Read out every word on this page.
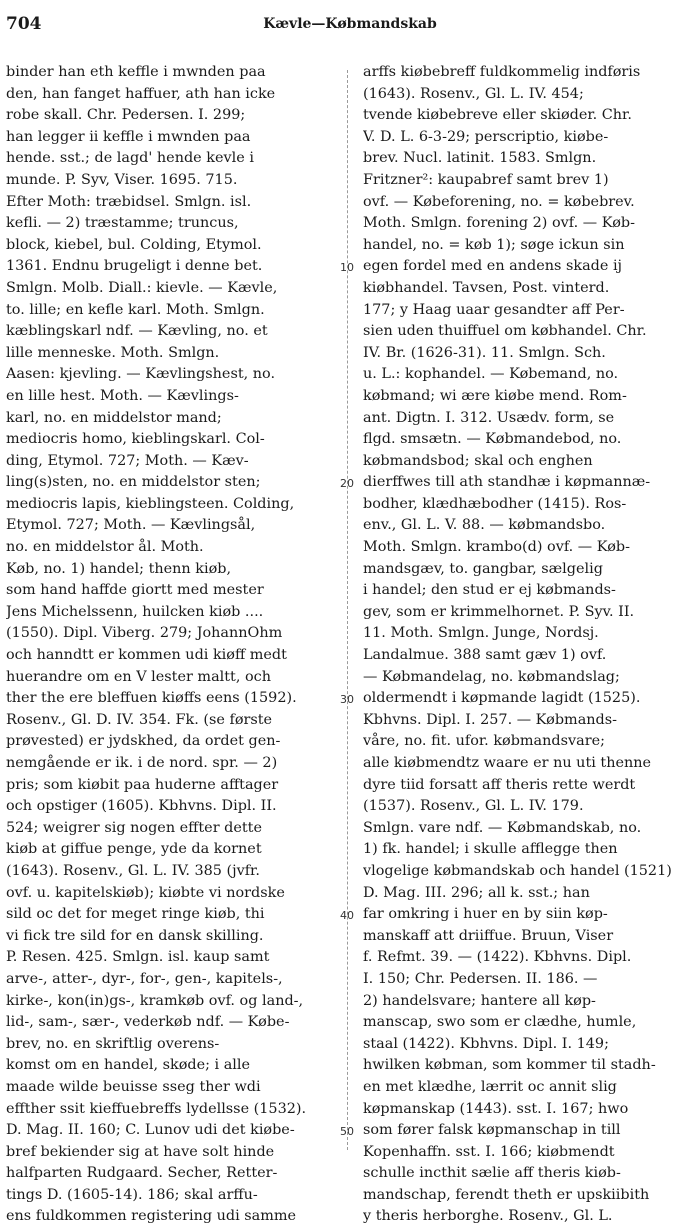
704	Kævle—Købmandskab
binder han eth keffle i mwnden paa
den, han fanget haffuer, ath han icke
robe skall. Chr. Pedersen. I. 299;
han legger ii keffle i mwnden paa
hende. sst.; de lagd' hende kevle i
munde. P. Syv, Viser. 1695. 715.
Efter Moth: træbidsel. Smlgn. isl.
kefli. — 2) træstamme; truncus,
block, kiebel, bul. Colding, Etymol.
1361. Endnu brugeligt i denne bet.
Smlgn. Molb. Diall.: kievle. — Kævle,
to. lille; en kefle karl. Moth. Smlgn.
kæblingskarl ndf. — Kævling, no. et
lille menneske. Moth. Smlgn.
Aasen: kjevling. — Kævlingshest, no.
en lille hest. Moth. — Kævlings-
karl, no. en middelstor mand;
mediocris homo, kieblingskarl. Col-
ding, Etymol. 727; Moth. — Kæv-
ling(s)sten, no. en middelstor sten;
mediocris lapis, kieblingsteen. Colding,
Etymol. 727; Moth. — Kævlingsål,
no. en middelstor ål. Moth.
Køb, no. 1) handel; thenn kiøb,
som hand haffde giortt med mester
Jens Michelssenn, huilcken kiøb ....
(1550). Dipl. Viberg. 279; JohannOhm
och hanndtt er kommen udi kiøff medt
huerandre om en V lester maltt, och
ther the ere bleffuen kiøffs eens (1592).
Rosenv., Gl. D. IV. 354. Fk. (se første
prøvested) er jydskhed, da ordet gen-
nemgående er ik. i de nord. spr. — 2)
pris; som kiøbit paa huderne afftager
och opstiger (1605). Kbhvns. Dipl. II.
524; weigrer sig nogen effter dette
kiøb at giffue penge, yde da kornet
(1643). Rosenv., Gl. L. IV. 385 (jvfr.
ovf. u. kapitelskiøb); kiøbte vi nordske
sild oc det for meget ringe kiøb, thi
vi fick tre sild for en dansk skilling.
P. Resen. 425. Smlgn. isl. kaup samt
arve-, atter-, dyr-, for-, gen-, kapitels-,
kirke-, kon(in)gs-, kramkøb ovf. og land-,
lid-, sam-, sær-, vederkøb ndf. — Købe-
brev, no. en skriftlig overens-
komst om en handel, skøde; i alle
maade wilde beuisse sseg ther wdi
effther ssit kieffuebreffs lydellsse (1532).
D. Mag. II. 160; C. Lunov udi det kiøbe-
bref bekiender sig at have solt hinde
halfparten Rudgaard. Secher, Retter-
tings D. (1605-14). 186; skal arffu-
ens fuldkommen registering udi samme
10
20
30
40
50
arffs kiøbebreff fuldkommelig indføris
(1643). Rosenv., Gl. L. IV. 454;
tvende kiøbebreve eller skiøder. Chr.
V. D. L. 6-3-29; perscriptio, kiøbe-
brev. Nucl. latinit. 1583. Smlgn.
Fritzner²: kaupabref samt brev 1)
ovf. — Købeforening, no. = købebrev.
Moth. Smlgn. forening 2) ovf. — Køb-
handel, no. = køb 1); søge ickun sin
egen fordel med en andens skade ij
kiøbhandel. Tavsen, Post. vinterd.
177; y Haag uaar gesandter aff Per-
sien uden thuiffuel om købhandel. Chr.
IV. Br. (1626-31). 11. Smlgn. Sch.
u. L.: kophandel. — Købemand, no.
købmand; wi ære kiøbe mend. Rom-
ant. Digtn. I. 312. Usædv. form, se
flgd. smsætn. — Købmandebod, no.
købmandsbod; skal och enghen
dierffwes till ath standhæ i køpmannæ-
bodher, klædhæbodher (1415). Ros-
env., Gl. L. V. 88. — købmandsbo.
Moth. Smlgn. krambo(d) ovf. — Køb-
mandsgæv, to. gangbar, sælgelig
i handel; den stud er ej købmands-
gev, som er krimmelhornet. P. Syv. II.
11. Moth. Smlgn. Junge, Nordsj.
Landalmue. 388 samt gæv 1) ovf.
— Købmandelag, no. købmandslag;
oldermendt i køpmande lagidt (1525).
Kbhvns. Dipl. I. 257. — Købmands-
våre, no. fit. ufor. købmandsvare;
alle kiøbmendtz waare er nu uti thenne
dyre tiid forsatt aff theris rette werdt
(1537). Rosenv., Gl. L. IV. 179.
Smlgn. vare ndf. — Købmandskab, no.
1) fk. handel; i skulle afflegge then
vlogelige købmandskab och handel (1521)
D. Mag. III. 296; all k. sst.; han
far omkring i huer en by siin køp-
manskaff att driiffue. Bruun, Viser
f. Refmt. 39. — (1422). Kbhvns. Dipl.
I. 150; Chr. Pedersen. II. 186. —
2) handelsvare; hantere all køp-
manscap, swo som er clædhe, humle,
staal (1422). Kbhvns. Dipl. I. 149;
hwilken købman, som kommer til stadh-
en met klædhe, lærrit oc annit slig
køpmanskap (1443). sst. I. 167; hwo
som fører falsk køpmanschap in till
Kopenhaffn. sst. I. 166; kiøbmendt
schulle incthit sælie aff theris kiøb-
mandschap, ferendt theth er upskiibith
y theris herborghe. Rosenv., Gl. L.
